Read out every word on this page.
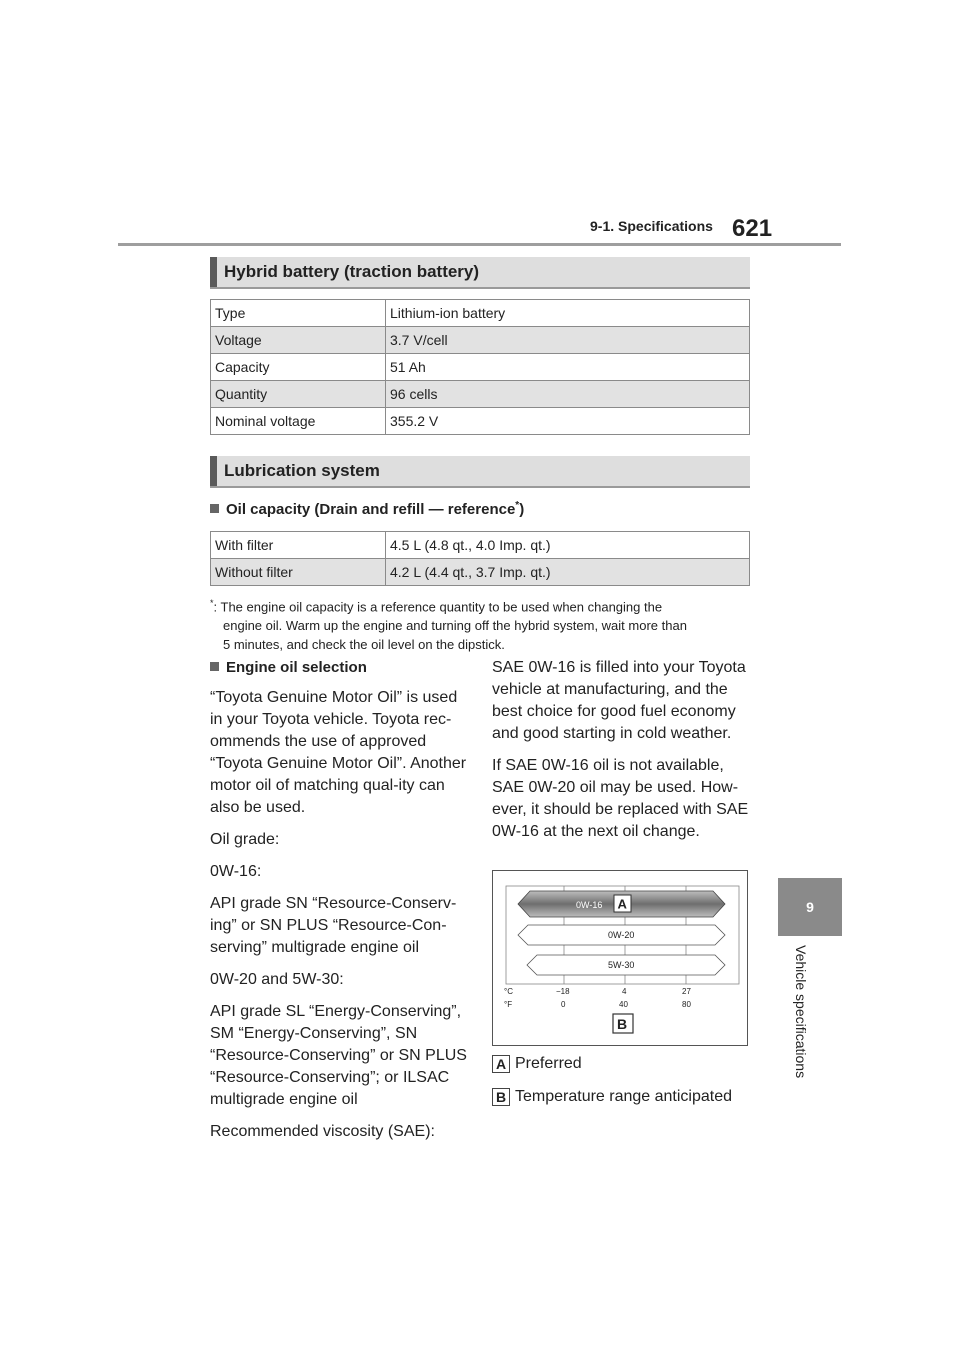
9-1. Specifications 621
9
Vehicle specifications
Hybrid battery (traction battery)
Type	Lithium-ion battery
Voltage	3.7 V/cell
Capacity	51 Ah
Quantity	96 cells
Nominal voltage	355.2 V
Lubrication system
Oil capacity (Drain and refill — reference*)
With filter	4.5 L (4.8 qt., 4.0 Imp. qt.)
Without filter	4.2 L (4.4 qt., 3.7 Imp. qt.)
*: The engine oil capacity is a reference quantity to be used when changing the
engine oil. Warm up the engine and turning off the hybrid system, wait more than
5 minutes, and check the oil level on the dipstick.
Engine oil selection

“Toyota Genuine Motor Oil” is used in your Toyota vehicle. Toyota rec-ommends the use of approved “Toyota Genuine Motor Oil”. Another motor oil of matching qual-ity can also be used.

Oil grade:

0W-16:

API grade SN “Resource-Conserv-ing” or SN PLUS “Resource-Con-serving” multigrade engine oil

0W-20 and 5W-30:

API grade SL “Energy-Conserving”, SM “Energy-Conserving”, SN “Resource-Conserving” or SN PLUS “Resource-Conserving”; or ILSAC multigrade engine oil

Recommended viscosity (SAE):

SAE 0W-16 is filled into your Toyota vehicle at manufacturing, and the best choice for good fuel economy and good starting in cold weather.

If SAE 0W-16 oil is not available, SAE 0W-20 oil may be used. How-ever, it should be replaced with SAE 0W-16 at the next oil change.

0W-16 A
0W-20
5W-30
°C
°F
−18	4	27
0	40	80
B
A Preferred
B Temperature range anticipated
